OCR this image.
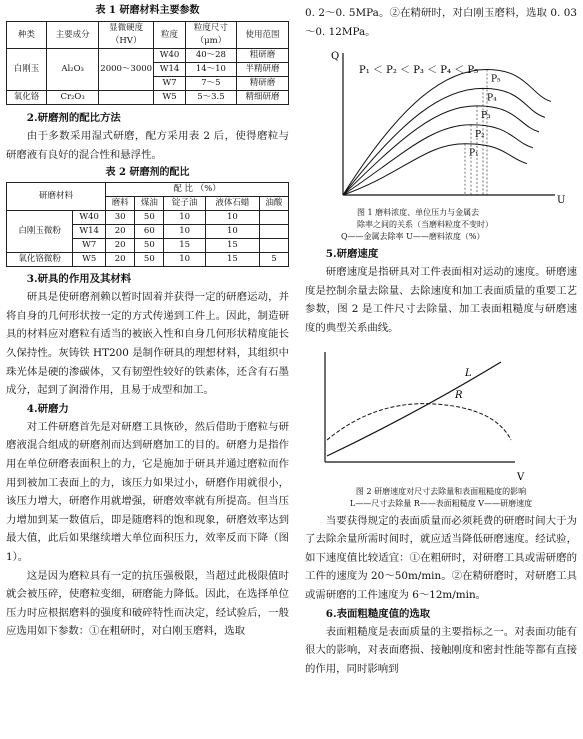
表 1 研磨材料主要参数
种类	主要成分	显微硬度（HV）	粒度	粒度尺寸（μm）	使用范围
白刚玉	Al₂O₃	2000～3000	W40	40～28	粗研磨
			W14	14～10	半精研磨
			W7	7～5	精研磨
氧化铬	Cr₂O₃		W5	5～3.5	精细研磨

2.研磨剂的配比方法

由于多数采用湿式研磨，配方采用表 2 后，使得磨粒与研磨液有良好的混合性和悬浮性。

表 2 研磨剂的配比
研磨材料		配 比 （%）				
		磨料	煤油	锭子油	液体石蜡	油酸
白刚玉微粉	W40	30	50	10	10	
	W14	20	60	10	10	
	W7	20	50	15	15	
氧化铬微粉	W5	20	50	10	15	5

3.研具的作用及其材料

研具是使研磨剂赖以暂时固着并获得一定的研磨运动，并将自身的几何形状按一定的方式传递到工件上。因此，制造研具的材料应对磨粒有适当的被嵌入性和自身几何形状精度能长久保持性。灰铸铁 HT200 是制作研具的理想材料，其组织中珠光体是硬的渗碳体，又有韧塑性较好的铁素体，还含有石墨成分，起到了润滑作用，且易于成型和加工。

4.研磨力

对工件研磨首先是对研磨工具恢砂，然后借助于磨粒与研磨液混合组成的研磨剂而达到研磨加工的目的。研磨力是指作用在单位研磨表面积上的力，它是施加于研具并通过磨粒而作用到被加工表面上的力，该压力如果过小，研磨作用就很小，该压力增大，研磨作用就增强，研磨效率就有所提高。但当压力增加到某一数值后，即是随磨料的饱和现象，研磨效率达到最大值，此后如果继续增大单位面积压力，效率反而下降（图1）。

这是因为磨粒具有一定的抗压强极限，当超过此极限值时就会被压碎，使磨粒变细，研磨能力降低。因此，在选择单位压力时应根据磨料的强度和破碎特性而决定，经试验后，一般应选用如下参数：①在粗研时，对白刚玉磨料，选取

0. 2～0. 5MPa。②在精研时，对白刚玉磨料，选取 0. 03～0. 12MPa。

Q
U
P₁ ＜ P₂ ＜ P₃ ＜ P₄ ＜ P₅
P₅
P₄
P₃
P₂
P₁

图 1 磨料浓度、单位压力与金属去

除率之间的关系（当磨料粒度不变时）

Q——金属去除率 U——磨料浓度（%）

5.研磨速度

研磨速度是指研具对工件表面相对运动的速度。研磨速度是控制余量去除量、去除速度和加工表面质量的重要工艺参数，图 2 是工件尺寸去除量、加工表面粗糙度与研磨速度的典型关系曲线。

L
R
V

图 2 研磨速度对尺寸去除量和表面粗糙度的影响

L——尺寸去除量 R——表面粗糙度 V——研磨速度

当要获得规定的表面质量而必须耗费的研磨时间大于为了去除余量所需时间时，就应适当降低研磨速度。经试验，如下速度值比较适宜：①在粗研时，对研磨工具或需研磨的工件的速度为 20～50m/min。②在精研磨时，对研磨工具或需研磨的工件速度为 6～12m/min。

6.表面粗糙度值的选取

表面粗糙度是表面质量的主要指标之一。对表面功能有很大的影响，对表面磨损、接触刚度和密封性能等都有直接的作用，同时影响到
